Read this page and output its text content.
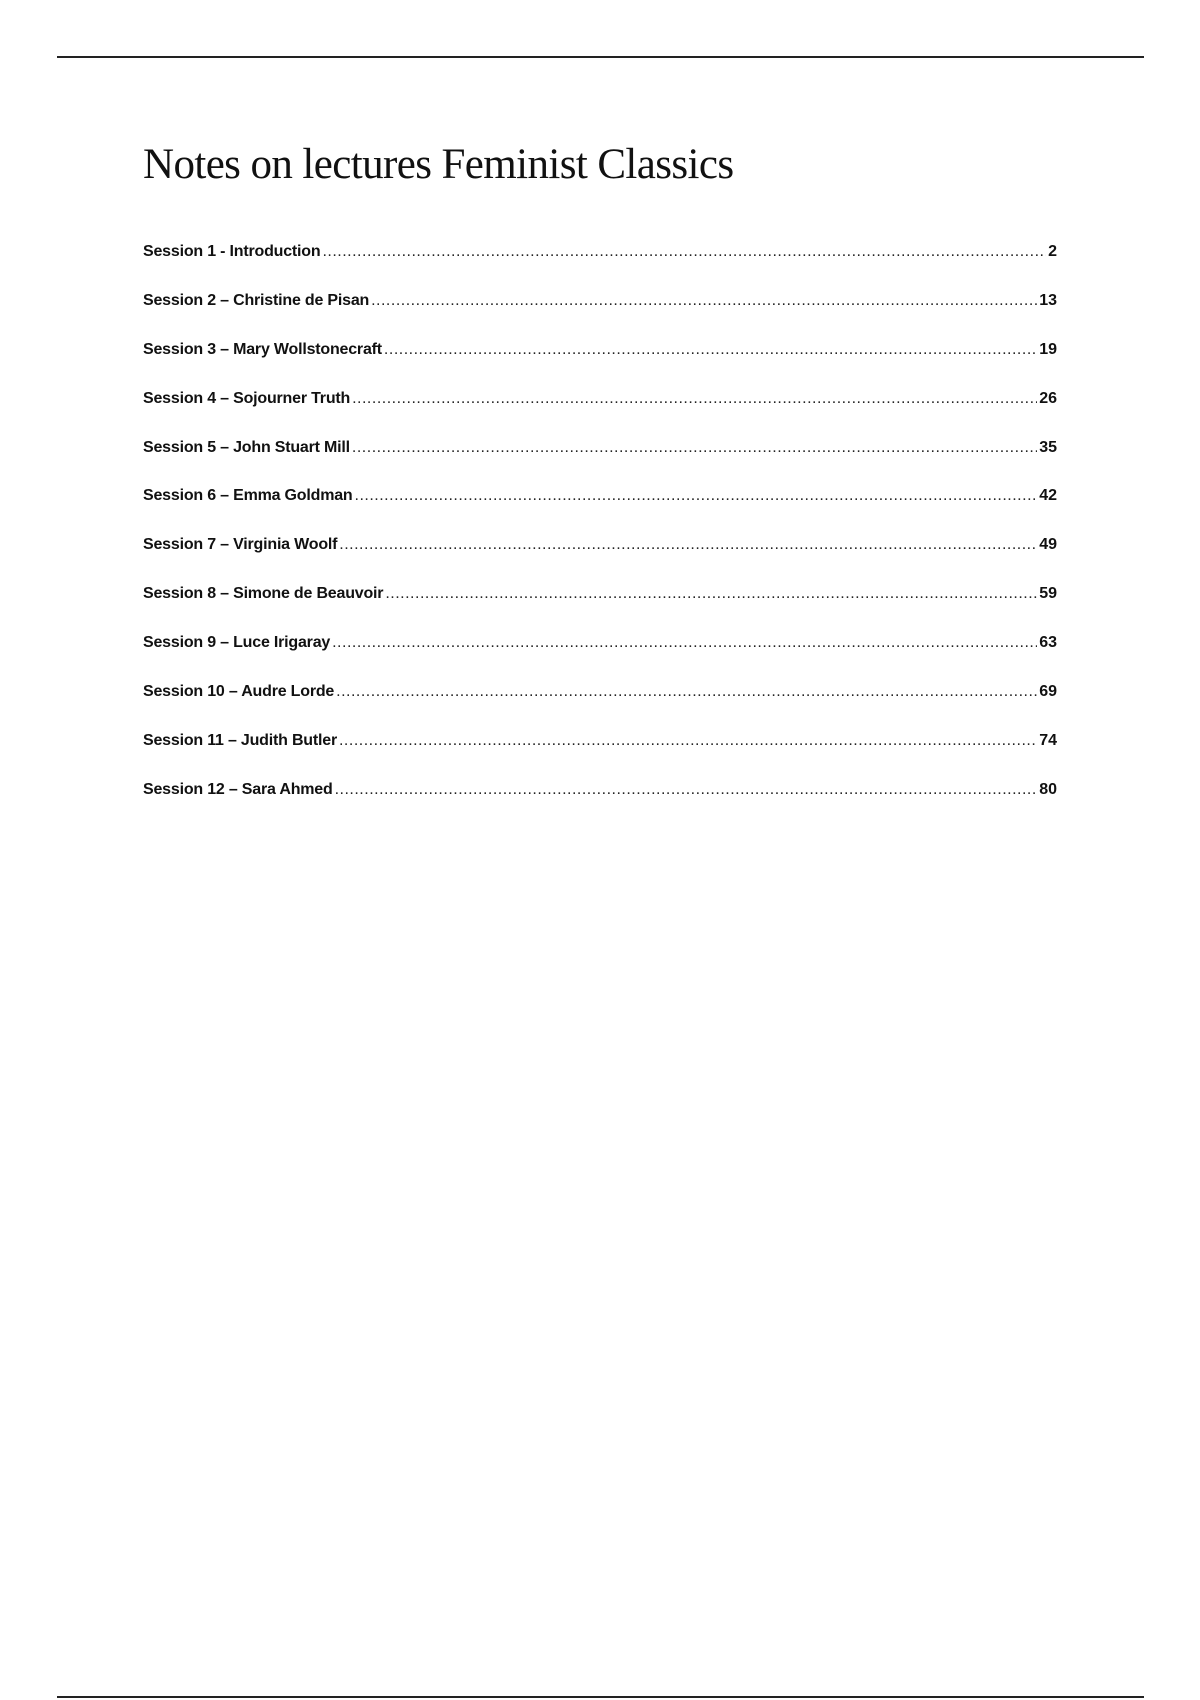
Notes on lectures Feminist Classics
Session 1 - Introduction .....	2
Session 2 – Christine de Pisan .....	13
Session 3 – Mary Wollstonecraft .....	19
Session 4 – Sojourner Truth .....	26
Session 5 – John Stuart Mill .....	35
Session 6 – Emma Goldman .....	42
Session 7 – Virginia Woolf .....	49
Session 8 – Simone de Beauvoir .....	59
Session 9 – Luce Irigaray .....	63
Session 10 – Audre Lorde .....	69
Session 11 – Judith Butler .....	74
Session 12 – Sara Ahmed .....	80
